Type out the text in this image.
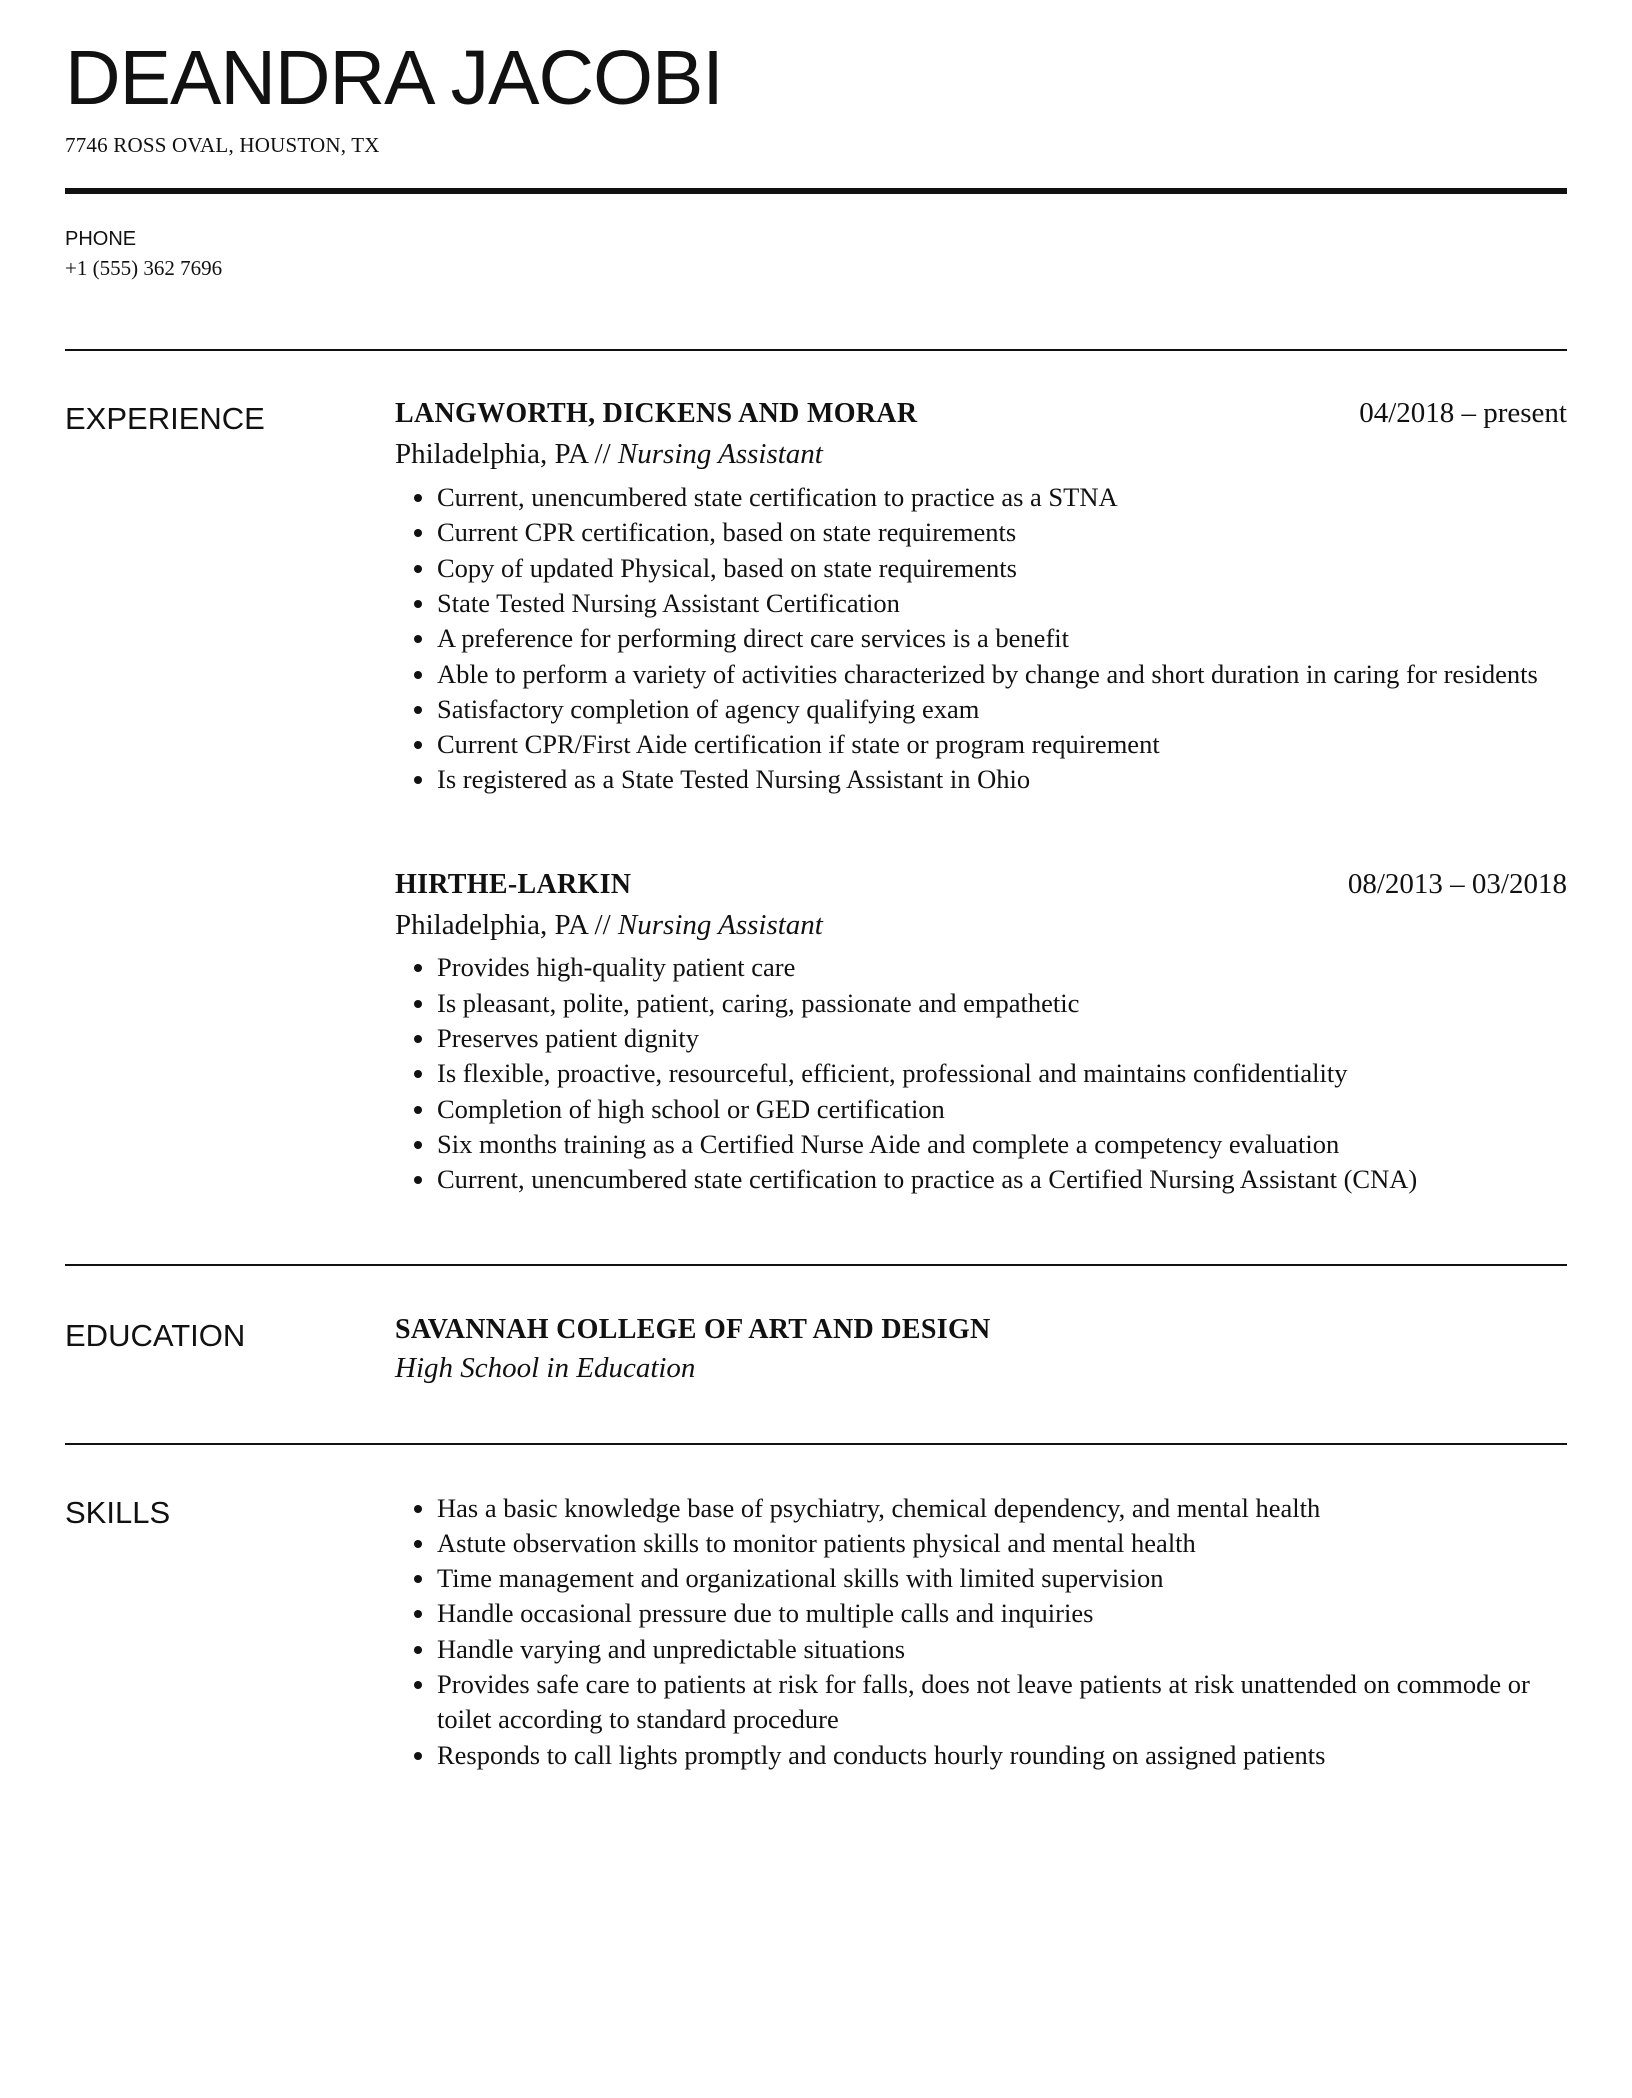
DEANDRA JACOBI
7746 ROSS OVAL, HOUSTON, TX
PHONE
+1 (555) 362 7696
EXPERIENCE	LANGWORTH, DICKENS AND MORAR	04/2018 – present
Philadelphia, PA // Nursing Assistant
• Current, unencumbered state certification to practice as a STNA
• Current CPR certification, based on state requirements
• Copy of updated Physical, based on state requirements
• State Tested Nursing Assistant Certification
• A preference for performing direct care services is a benefit
• Able to perform a variety of activities characterized by change and short duration in caring for residents
• Satisfactory completion of agency qualifying exam
• Current CPR/First Aide certification if state or program requirement
• Is registered as a State Tested Nursing Assistant in Ohio
HIRTHE-LARKIN	08/2013 – 03/2018
Philadelphia, PA // Nursing Assistant
• Provides high-quality patient care
• Is pleasant, polite, patient, caring, passionate and empathetic
• Preserves patient dignity
• Is flexible, proactive, resourceful, efficient, professional and maintains confidentiality
• Completion of high school or GED certification
• Six months training as a Certified Nurse Aide and complete a competency evaluation
• Current, unencumbered state certification to practice as a Certified Nursing Assistant (CNA)
EDUCATION	SAVANNAH COLLEGE OF ART AND DESIGN
High School in Education
SKILLS
•	Has a basic knowledge base of psychiatry, chemical dependency, and mental health
• Astute observation skills to monitor patients physical and mental health
• Time management and organizational skills with limited supervision
• Handle occasional pressure due to multiple calls and inquiries
• Handle varying and unpredictable situations
• Provides safe care to patients at risk for falls, does not leave patients at risk unattended on commode or toilet according to standard procedure
• Responds to call lights promptly and conducts hourly rounding on assigned patients
